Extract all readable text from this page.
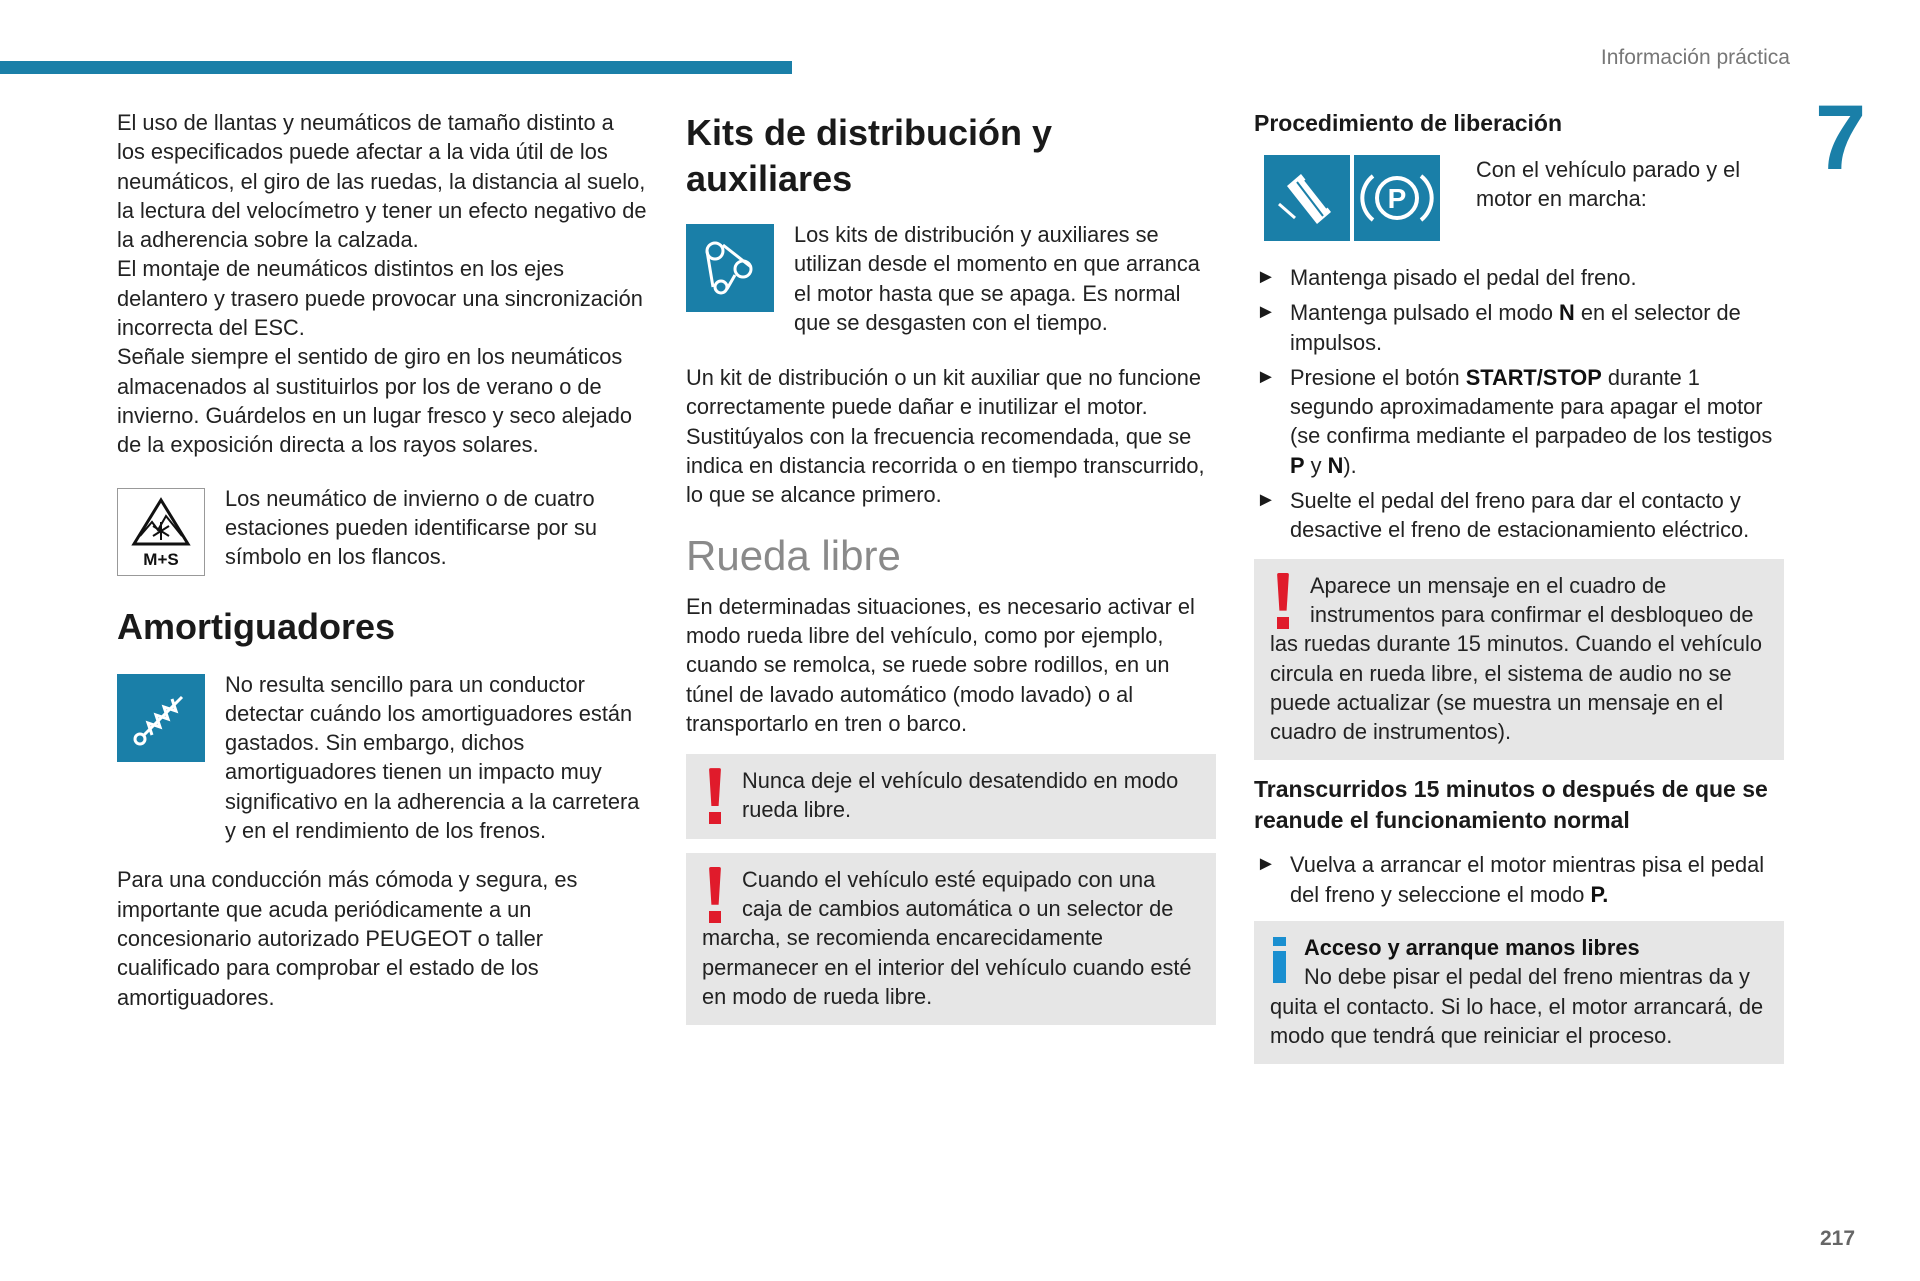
Información práctica
7
217

El uso de llantas y neumáticos de tamaño distinto a los especificados puede afectar a la vida útil de los neumáticos, el giro de las ruedas, la distancia al suelo, la lectura del velocímetro y tener un efecto negativo de la adherencia sobre la calzada.

El montaje de neumáticos distintos en los ejes delantero y trasero puede provocar una sincronización incorrecta del ESC.

Señale siempre el sentido de giro en los neumáticos almacenados al sustituirlos por los de verano o de invierno. Guárdelos en un lugar fresco y seco alejado de la exposición directa a los rayos solares.

M+S

Los neumático de invierno o de cuatro estaciones pueden identificarse por su símbolo en los flancos.

Amortiguadores

No resulta sencillo para un conductor detectar cuándo los amortiguadores están gastados. Sin embargo, dichos amortiguadores tienen un impacto muy significativo en la adherencia a la carretera y en el rendimiento de los frenos.

Para una conducción más cómoda y segura, es importante que acuda periódicamente a un concesionario autorizado PEUGEOT o taller cualificado para comprobar el estado de los amortiguadores.

Kits de distribución y auxiliares

Los kits de distribución y auxiliares se utilizan desde el momento en que arranca el motor hasta que se apaga. Es normal que se desgasten con el tiempo.

Un kit de distribución o un kit auxiliar que no funcione correctamente puede dañar e inutilizar el motor. Sustitúyalos con la frecuencia recomendada, que se indica en distancia recorrida o en tiempo transcurrido, lo que se alcance primero.

Rueda libre

En determinadas situaciones, es necesario activar el modo rueda libre del vehículo, como por ejemplo, cuando se remolca, se ruede sobre rodillos, en un túnel de lavado automático (modo lavado) o al transportarlo en tren o barco.

Nunca deje el vehículo desatendido en modo rueda libre.

Cuando el vehículo esté equipado con una caja de cambios automática o un selector de marcha, se recomienda encarecidamente permanecer en el interior del vehículo cuando esté en modo de rueda libre.

Procedimiento de liberación
P

Con el vehículo parado y el motor en marcha:

► Mantenga pisado el pedal del freno.
► Mantenga pulsado el modo N en el selector de impulsos.
► Presione el botón START/STOP durante 1 segundo aproximadamente para apagar el motor (se confirma mediante el parpadeo de los testigos P y N).
► Suelte el pedal del freno para dar el contacto y desactive el freno de estacionamiento eléctrico.

Aparece un mensaje en el cuadro de instrumentos para confirmar el desbloqueo de las ruedas durante 15 minutos. Cuando el vehículo circula en rueda libre, el sistema de audio no se puede actualizar (se muestra un mensaje en el cuadro de instrumentos).

Transcurridos 15 minutos o después de que se reanude el funcionamiento normal
► Vuelva a arrancar el motor mientras pisa el pedal del freno y seleccione el modo P.

Acceso y arranque manos libres

No debe pisar el pedal del freno mientras da y quita el contacto. Si lo hace, el motor arrancará, de modo que tendrá que reiniciar el proceso.
